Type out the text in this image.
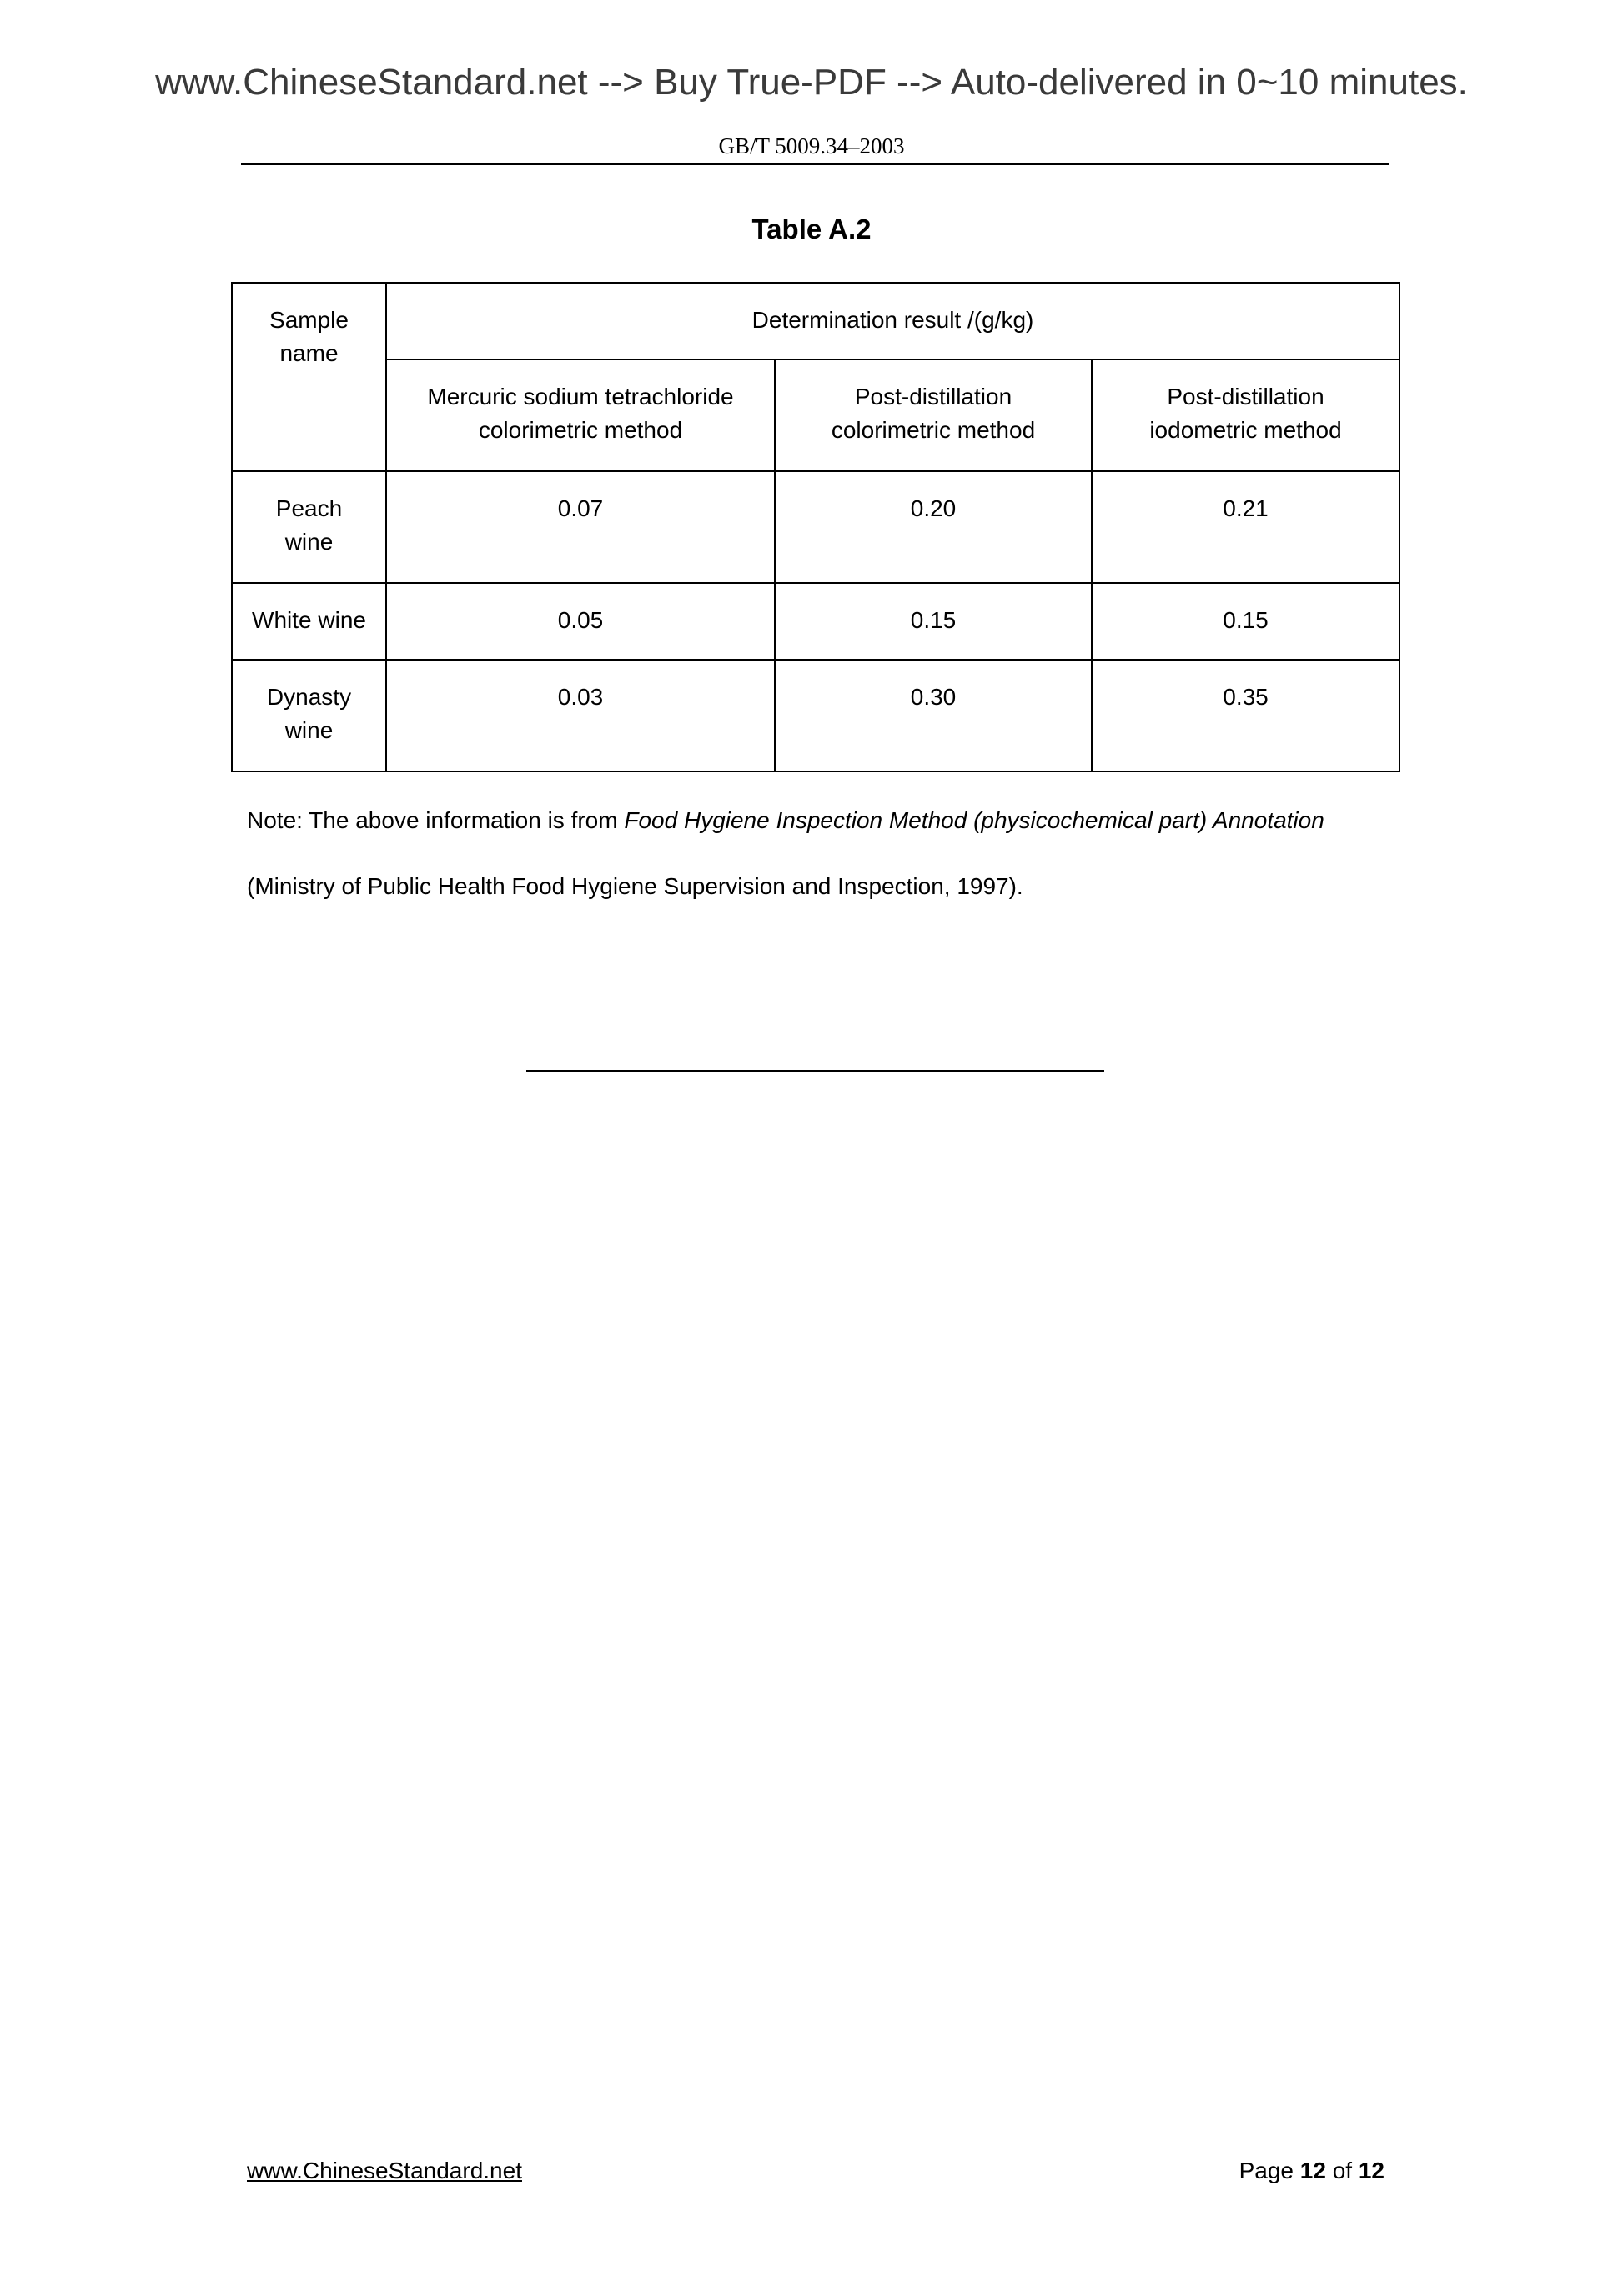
www.ChineseStandard.net --> Buy True-PDF --> Auto-delivered in 0~10 minutes.
GB/T 5009.34–2003
Table A.2
Sample name	Determination result /(g/kg)		
	Mercuric sodium tetrachloride colorimetric method	Post-distillation colorimetric method	Post-distillation iodometric method
Peach wine	0.07	0.20	0.21
White wine	0.05	0.15	0.15
Dynasty wine	0.03	0.30	0.35
Note: The above information is from Food Hygiene Inspection Method (physicochemical part) Annotation
(Ministry of Public Health Food Hygiene Supervision and Inspection, 1997).
www.ChineseStandard.net	Page 12 of 12
